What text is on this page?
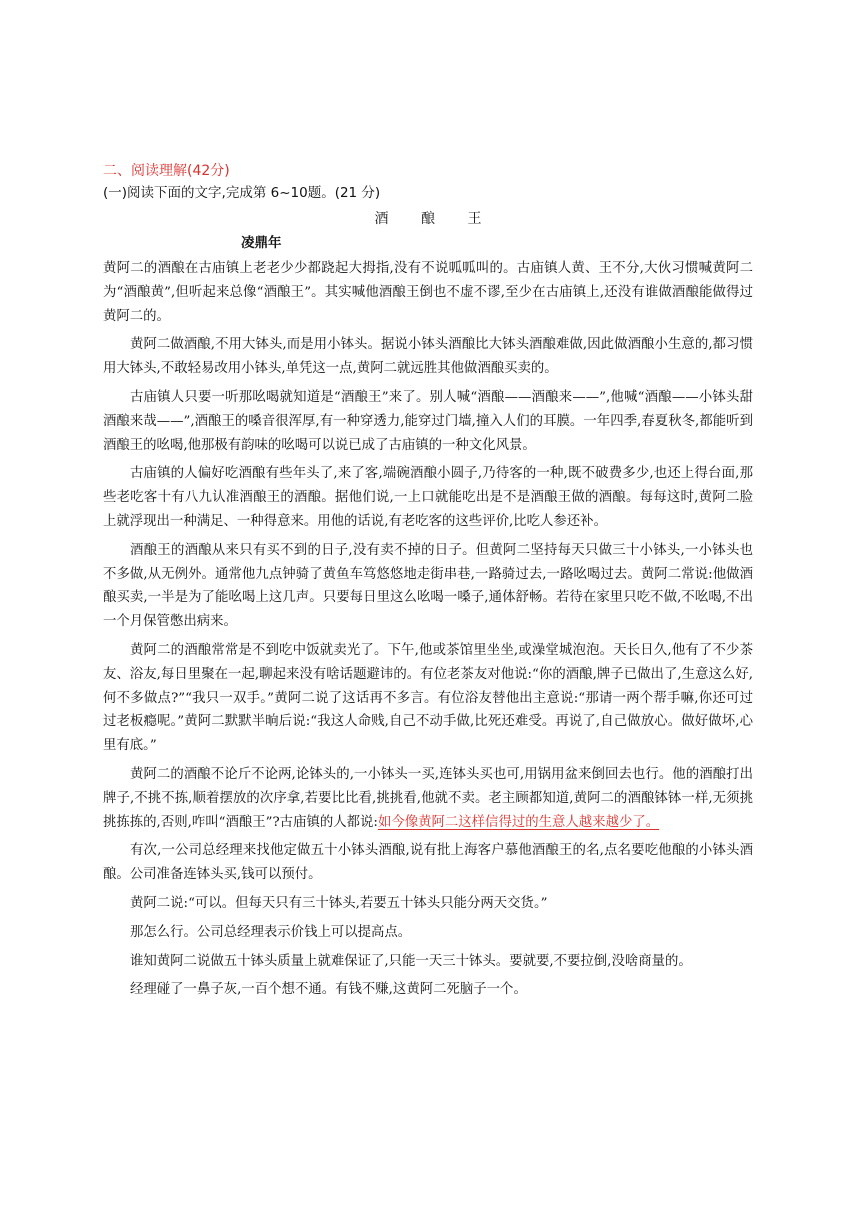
二、阅读理解(42分)

(一)阅读下面的文字,完成第 6~10题。(21 分)

酒 酿 王

凌鼎年

黄阿二的酒酿在古庙镇上老老少少都跷起大拇指,没有不说呱呱叫的。古庙镇人黄、王不分,大伙习惯喊黄阿二为“酒酿黄”,但听起来总像“酒酿王”。其实喊他酒酿王倒也不虚不谬,至少在古庙镇上,还没有谁做酒酿能做得过黄阿二的。

黄阿二做酒酿,不用大钵头,而是用小钵头。据说小钵头酒酿比大钵头酒酿难做,因此做酒酿小生意的,都习惯用大钵头,不敢轻易改用小钵头,单凭这一点,黄阿二就远胜其他做酒酿买卖的。

古庙镇人只要一听那吆喝就知道是“酒酿王”来了。别人喊“酒酿——酒酿来——”,他喊“酒酿——小钵头甜酒酿来哉——”,酒酿王的嗓音很浑厚,有一种穿透力,能穿过门墙,撞入人们的耳膜。一年四季,春夏秋冬,都能听到酒酿王的吆喝,他那极有韵味的吆喝可以说已成了古庙镇的一种文化风景。

古庙镇的人偏好吃酒酿有些年头了,来了客,端碗酒酿小圆子,乃待客的一种,既不破费多少,也还上得台面,那些老吃客十有八九认准酒酿王的酒酿。据他们说,一上口就能吃出是不是酒酿王做的酒酿。每每这时,黄阿二脸上就浮现出一种满足、一种得意来。用他的话说,有老吃客的这些评价,比吃人参还补。

酒酿王的酒酿从来只有买不到的日子,没有卖不掉的日子。但黄阿二坚持每天只做三十小钵头,一小钵头也不多做,从无例外。通常他九点钟骑了黄鱼车笃悠悠地走街串巷,一路骑过去,一路吆喝过去。黄阿二常说:他做酒酿买卖,一半是为了能吆喝上这几声。只要每日里这么吆喝一嗓子,通体舒畅。若待在家里只吃不做,不吆喝,不出一个月保管憋出病来。

黄阿二的酒酿常常是不到吃中饭就卖光了。下午,他或茶馆里坐坐,或澡堂城泡泡。天长日久,他有了不少茶友、浴友,每日里聚在一起,聊起来没有啥话题避讳的。有位老茶友对他说:“你的酒酿,牌子已做出了,生意这么好,何不多做点?”“我只一双手。”黄阿二说了这话再不多言。有位浴友替他出主意说:“那请一两个帮手嘛,你还可过过老板瘾呢。”黄阿二默默半晌后说:“我这人命贱,自己不动手做,比死还难受。再说了,自己做放心。做好做坏,心里有底。”

黄阿二的酒酿不论斤不论两,论钵头的,一小钵头一买,连钵头买也可,用锅用盆来倒回去也行。他的酒酿打出牌子,不挑不拣,顺着摆放的次序拿,若要比比看,挑挑看,他就不卖。老主顾都知道,黄阿二的酒酿钵钵一样,无须挑挑拣拣的,否则,咋叫“酒酿王”?古庙镇的人都说:如今像黄阿二这样信得过的生意人越来越少了。

有次,一公司总经理来找他定做五十小钵头酒酿,说有批上海客户慕他酒酿王的名,点名要吃他酿的小钵头酒酿。公司准备连钵头买,钱可以预付。

黄阿二说:“可以。但每天只有三十钵头,若要五十钵头只能分两天交货。”

那怎么行。公司总经理表示价钱上可以提高点。

谁知黄阿二说做五十钵头质量上就难保证了,只能一天三十钵头。要就要,不要拉倒,没啥商量的。

经理碰了一鼻子灰,一百个想不通。有钱不赚,这黄阿二死脑子一个。
